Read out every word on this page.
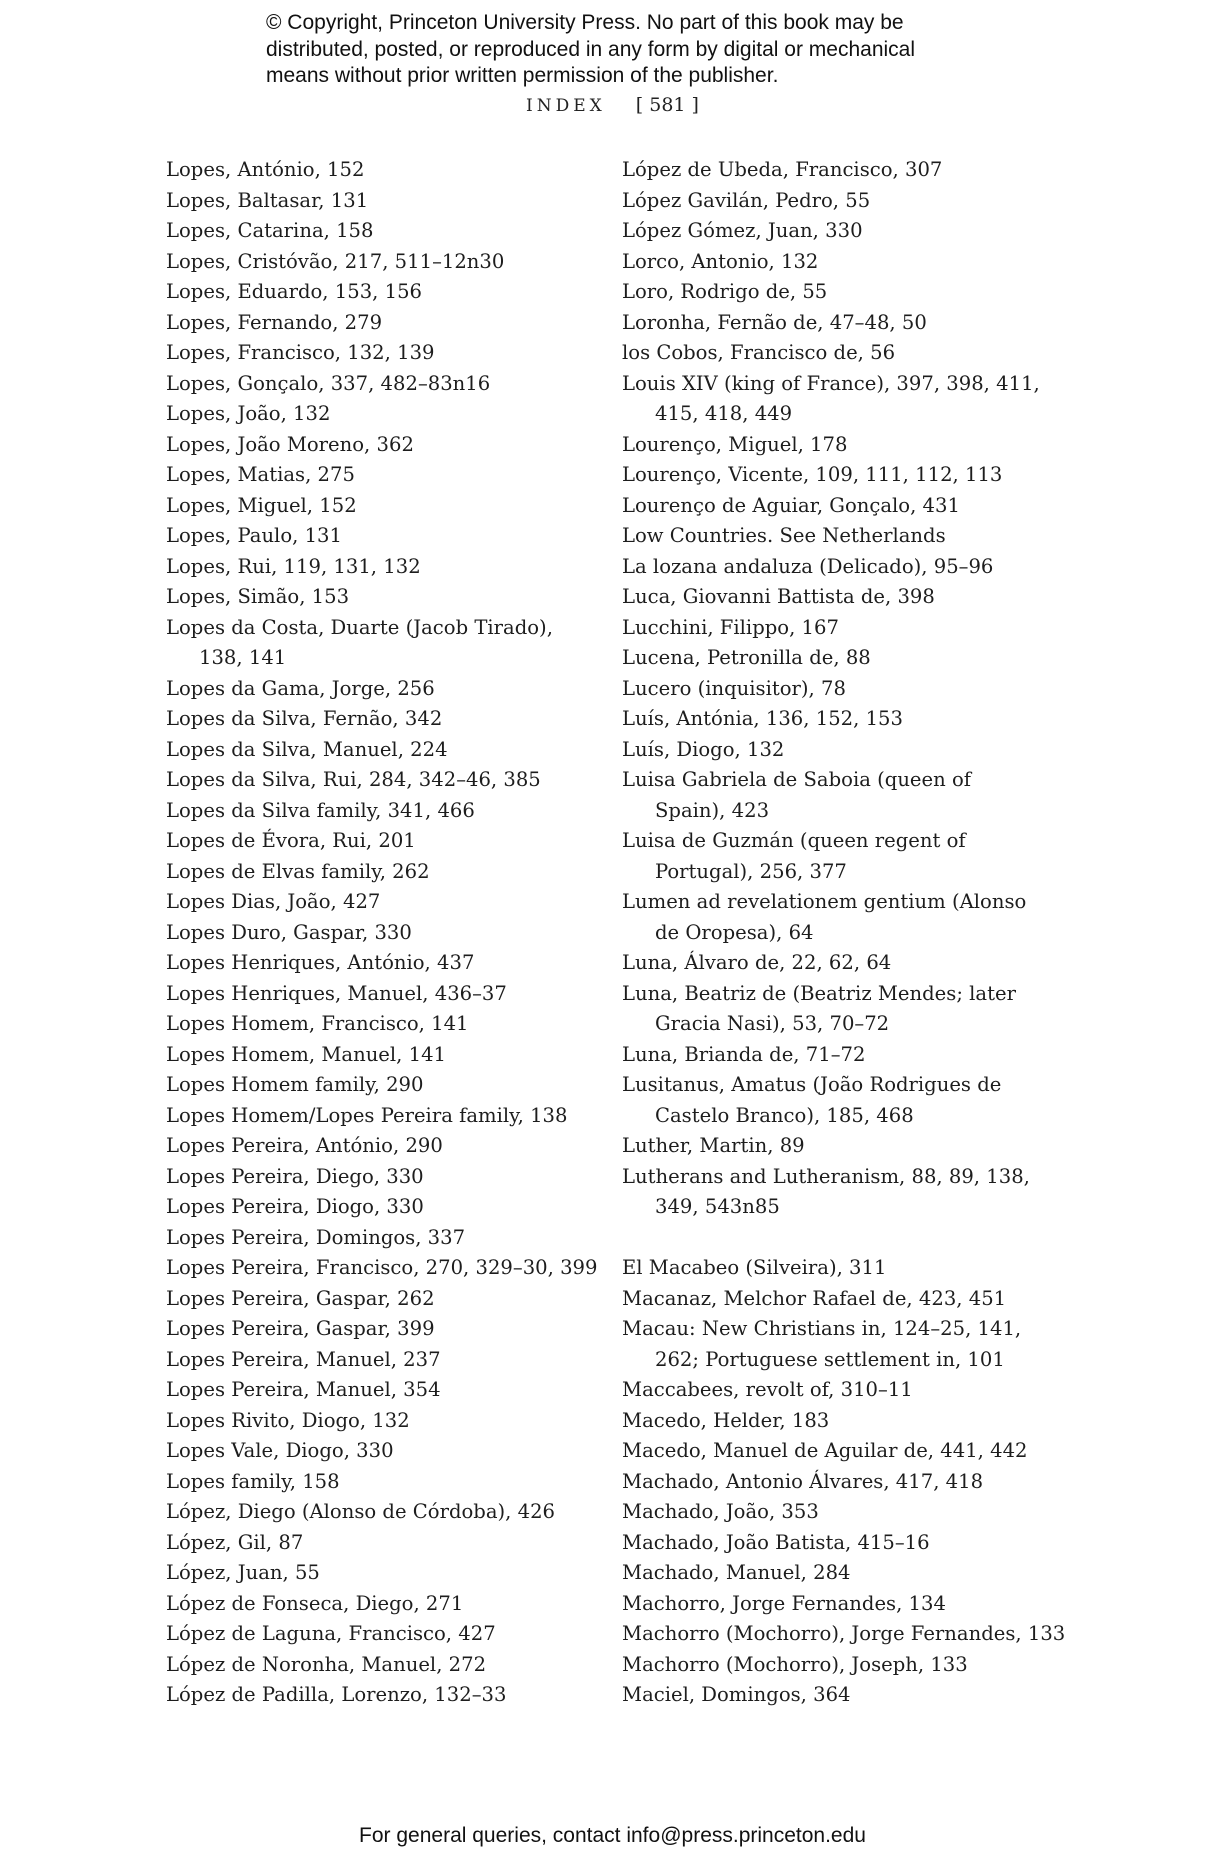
© Copyright, Princeton University Press. No part of this book may be
distributed, posted, or reproduced in any form by digital or mechanical
means without prior written permission of the publisher.
INDEX [ 581 ]
Lopes, António, 152
Lopes, Baltasar, 131
Lopes, Catarina, 158
Lopes, Cristóvão, 217, 511–12n30
Lopes, Eduardo, 153, 156
Lopes, Fernando, 279
Lopes, Francisco, 132, 139
Lopes, Gonçalo, 337, 482–83n16
Lopes, João, 132
Lopes, João Moreno, 362
Lopes, Matias, 275
Lopes, Miguel, 152
Lopes, Paulo, 131
Lopes, Rui, 119, 131, 132
Lopes, Simão, 153
Lopes da Costa, Duarte (Jacob Tirado),
138, 141
Lopes da Gama, Jorge, 256
Lopes da Silva, Fernão, 342
Lopes da Silva, Manuel, 224
Lopes da Silva, Rui, 284, 342–46, 385
Lopes da Silva family, 341, 466
Lopes de Évora, Rui, 201
Lopes de Elvas family, 262
Lopes Dias, João, 427
Lopes Duro, Gaspar, 330
Lopes Henriques, António, 437
Lopes Henriques, Manuel, 436–37
Lopes Homem, Francisco, 141
Lopes Homem, Manuel, 141
Lopes Homem family, 290
Lopes Homem/Lopes Pereira family, 138
Lopes Pereira, António, 290
Lopes Pereira, Diego, 330
Lopes Pereira, Diogo, 330
Lopes Pereira, Domingos, 337
Lopes Pereira, Francisco, 270, 329–30, 399
Lopes Pereira, Gaspar, 262
Lopes Pereira, Gaspar, 399
Lopes Pereira, Manuel, 237
Lopes Pereira, Manuel, 354
Lopes Rivito, Diogo, 132
Lopes Vale, Diogo, 330
Lopes family, 158
López, Diego (Alonso de Córdoba), 426
López, Gil, 87
López, Juan, 55
López de Fonseca, Diego, 271
López de Laguna, Francisco, 427
López de Noronha, Manuel, 272
López de Padilla, Lorenzo, 132–33
López de Ubeda, Francisco, 307
López Gavilán, Pedro, 55
López Gómez, Juan, 330
Lorco, Antonio, 132
Loro, Rodrigo de, 55
Loronha, Fernão de, 47–48, 50
los Cobos, Francisco de, 56
Louis XIV (king of France), 397, 398, 411,
415, 418, 449
Lourenço, Miguel, 178
Lourenço, Vicente, 109, 111, 112, 113
Lourenço de Aguiar, Gonçalo, 431
Low Countries. See Netherlands
La lozana andaluza (Delicado), 95–96
Luca, Giovanni Battista de, 398
Lucchini, Filippo, 167
Lucena, Petronilla de, 88
Lucero (inquisitor), 78
Luís, Antónia, 136, 152, 153
Luís, Diogo, 132
Luisa Gabriela de Saboia (queen of
Spain), 423
Luisa de Guzmán (queen regent of
Portugal), 256, 377
Lumen ad revelationem gentium (Alonso
de Oropesa), 64
Luna, Álvaro de, 22, 62, 64
Luna, Beatriz de (Beatriz Mendes; later
Gracia Nasi), 53, 70–72
Luna, Brianda de, 71–72
Lusitanus, Amatus (João Rodrigues de
Castelo Branco), 185, 468
Luther, Martin, 89
Lutherans and Lutheranism, 88, 89, 138,
349, 543n85
El Macabeo (Silveira), 311
Macanaz, Melchor Rafael de, 423, 451
Macau: New Christians in, 124–25, 141,
262; Portuguese settlement in, 101
Maccabees, revolt of, 310–11
Macedo, Helder, 183
Macedo, Manuel de Aguilar de, 441, 442
Machado, Antonio Álvares, 417, 418
Machado, João, 353
Machado, João Batista, 415–16
Machado, Manuel, 284
Machorro, Jorge Fernandes, 134
Machorro (Mochorro), Jorge Fernandes, 133
Machorro (Mochorro), Joseph, 133
Maciel, Domingos, 364
For general queries, contact info@press.princeton.edu
